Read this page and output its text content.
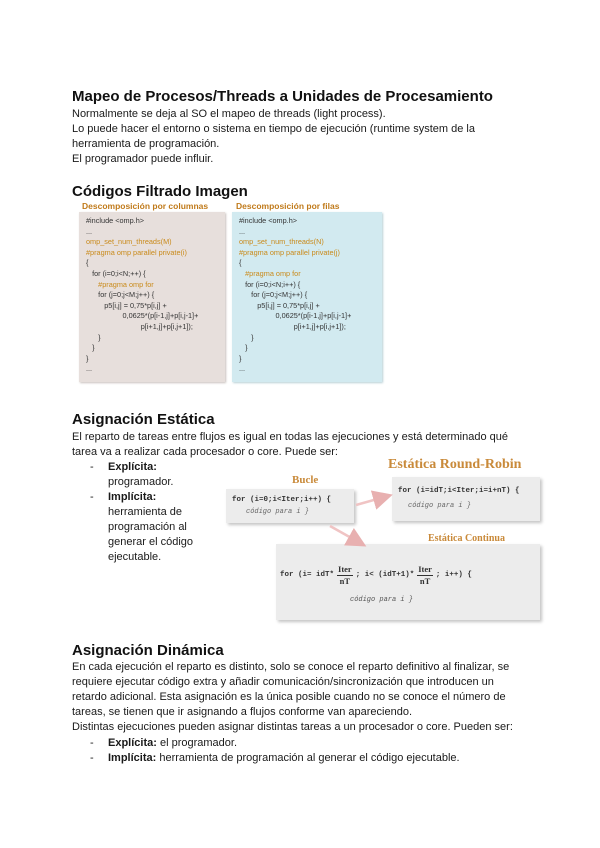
Mapeo de Procesos/Threads a Unidades de Procesamiento

Normalmente se deja al SO el mapeo de threads (light process).

Lo puede hacer el entorno o sistema en tiempo de ejecución (runtime system de la

herramienta de programación.

El programador puede influir.

Códigos Filtrado Imagen
Descomposición por columnas	Descomposición por filas
#include <omp.h>
...
omp_set_num_threads(M)
#pragma omp parallel private(i)
{
for (i=0;i<N;++) {
#pragma omp for
for (j=0;j<M;j++) {
p5[i,j] = 0,75*p[i,j] +
0,0625*(p[i-1,j]+p[i,j-1]+
p[i+1,j]+p[i,j+1]);
}
}
}
...
#include <omp.h>
...
omp_set_num_threads(N)
#pragma omp parallel private(j)
{
#pragma omp for
for (i=0;i<N;i++) {
for (j=0;j<M;j++) {
p5[i,j] = 0,75*p[i,j] +
0,0625*(p[i-1,j]+p[i,j-1]+
p[i+1,j]+p[i,j+1]);
}
}
}
...
Asignación Estática

El reparto de tareas entre flujos es igual en todas las ejecuciones y está determinado qué

tarea va a realizar cada procesador o core. Puede ser:

- Explícita:
programador.
- Implícita:
herramienta de
programación al
generar el código
ejecutable.
Bucle
for (i=0;i<Iter;i++) {
código para i }
Estática Round-Robin
for (i=idT;i<Iter;i=i+nT) {
código para i }
Estática Continua
for (i= idT*
Iter
nT
; i< (idT+1)*
Iter
nT
; i++) {
código para i }
Asignación Dinámica

En cada ejecución el reparto es distinto, solo se conoce el reparto definitivo al finalizar, se

requiere ejecutar código extra y añadir comunicación/sincronización que introducen un

retardo adicional. Esta asignación es la única posible cuando no se conoce el número de

tareas, se tienen que ir asignando a flujos conforme van apareciendo.

Distintas ejecuciones pueden asignar distintas tareas a un procesador o core. Pueden ser:

- Explícita: el programador.
- Implícita: herramienta de programación al generar el código ejecutable.
